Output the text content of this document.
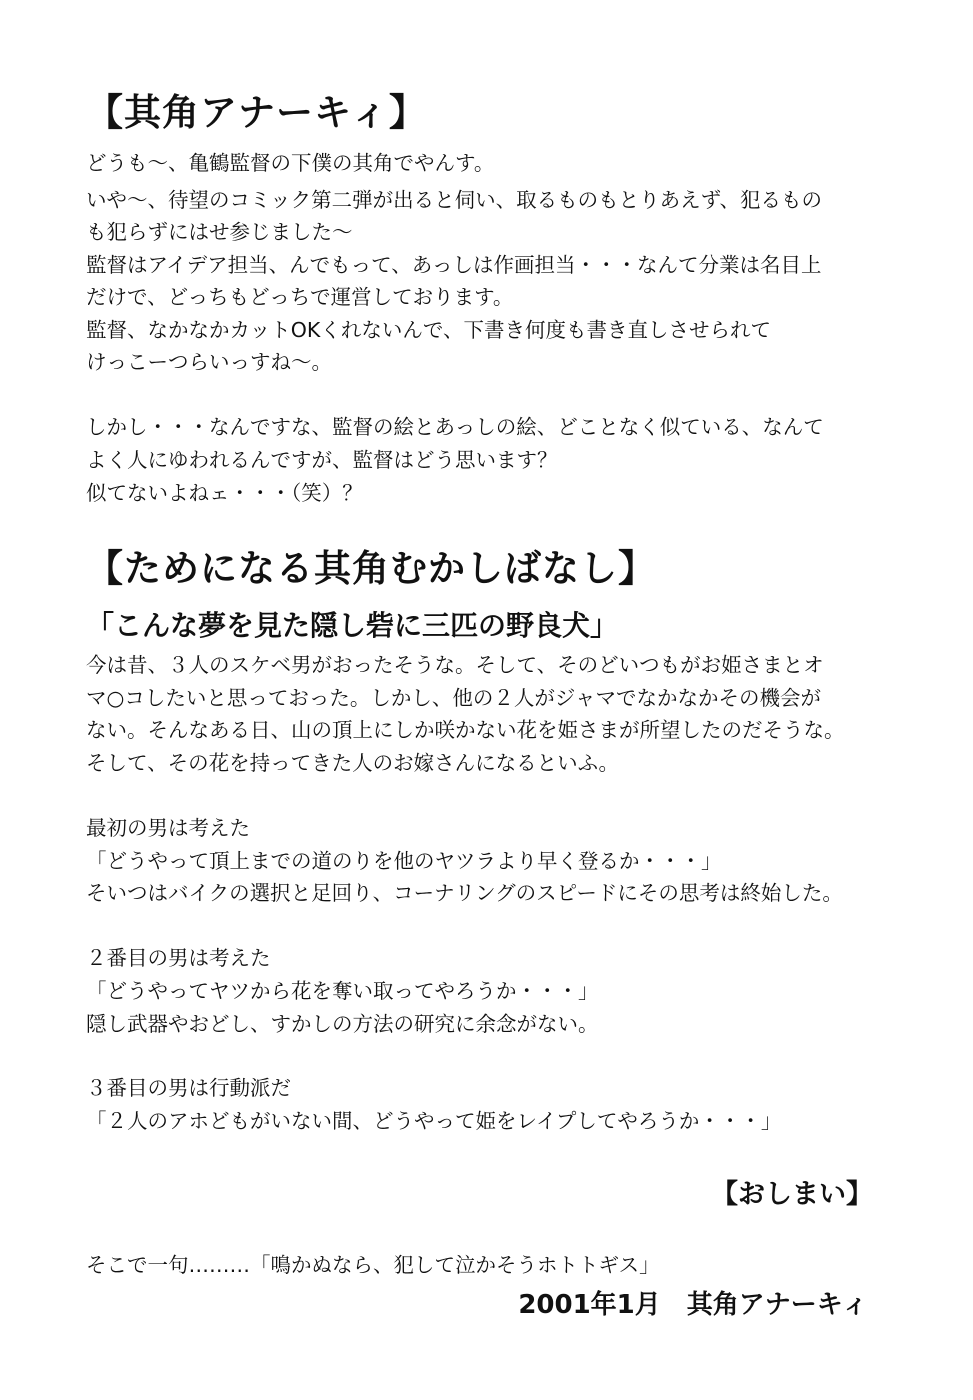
【其角アナーキィ】

どうも～、亀鶴監督の下僕の其角でやんす。

いや～、待望のコミック第二弾が出ると伺い、取るものもとりあえず、犯るもの

も犯らずにはせ参じました～

監督はアイデア担当、んでもって、あっしは作画担当・・・なんて分業は名目上

だけで、どっちもどっちで運営しております。

監督、なかなかカットOKくれないんで、下書き何度も書き直しさせられて

けっこーつらいっすね～。

しかし・・・なんですな、監督の絵とあっしの絵、どことなく似ている、なんて

よく人にゆわれるんですが、監督はどう思います？

似てないよねェ・・・（笑）？

【ためになる其角むかしばなし】
「こんな夢を見た隠し砦に三匹の野良犬」

今は昔、３人のスケベ男がおったそうな。そして、そのどいつもがお姫さまとオ

マ○コしたいと思っておった。しかし、他の２人がジャマでなかなかその機会が

ない。そんなある日、山の頂上にしか咲かない花を姫さまが所望したのだそうな。

そして、その花を持ってきた人のお嫁さんになるといふ。

最初の男は考えた

「どうやって頂上までの道のりを他のヤツラより早く登るか・・・」

そいつはバイクの選択と足回り、コーナリングのスピードにその思考は終始した。

２番目の男は考えた

「どうやってヤツから花を奪い取ってやろうか・・・」

隠し武器やおどし、すかしの方法の研究に余念がない。

３番目の男は行動派だ

「２人のアホどもがいない間、どうやって姫をレイプしてやろうか・・・」

【おしまい】

そこで一句………「鳴かぬなら、犯して泣かそうホトトギス」

2001年1月　其角アナーキィ
